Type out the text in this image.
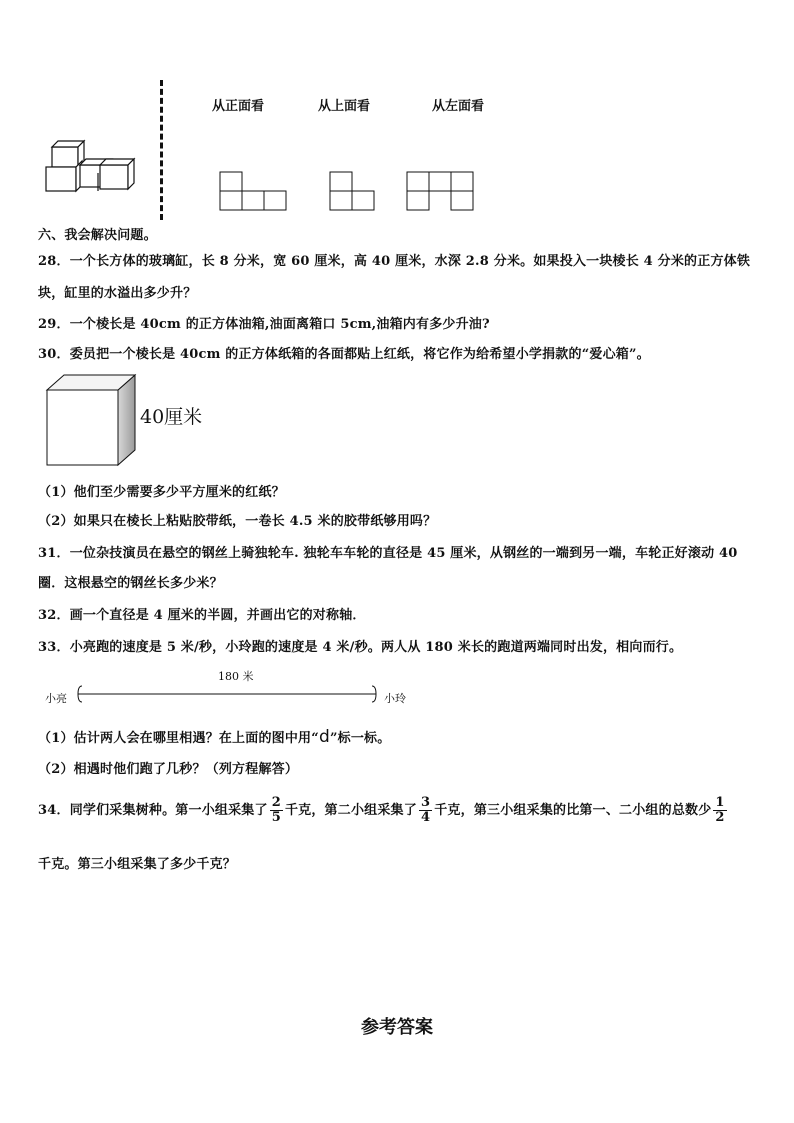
从正面看	从上面看	从左面看
六、我会解决问题。
28．一个长方体的玻璃缸，长 8 分米，宽 60 厘米，高 40 厘米，水深 2.8 分米。如果投入一块棱长 4 分米的正方体铁
块，缸里的水溢出多少升？
29．一个棱长是 40cm 的正方体油箱,油面离箱口 5cm,油箱内有多少升油?
30．委员把一个棱长是 40cm 的正方体纸箱的各面都贴上红纸，将它作为给希望小学捐款的“爱心箱”。
40厘米
（1）他们至少需要多少平方厘米的红纸？
（2）如果只在棱长上粘贴胶带纸，一卷长 4.5 米的胶带纸够用吗？
31．一位杂技演员在悬空的钢丝上骑独轮车. 独轮车车轮的直径是 45 厘米，从钢丝的一端到另一端，车轮正好滚动 40
圈．这根悬空的钢丝长多少米？
32．画一个直径是 4 厘米的半圆，并画出它的对称轴．
33．小亮跑的速度是 5 米/秒，小玲跑的速度是 4 米/秒。两人从 180 米长的跑道两端同时出发，相向而行。
180 米
小亮	小玲
（1）估计两人会在哪里相遇？在上面的图中用“d”标一标。
（2）相遇时他们跑了几秒？（列方程解答）
34．同学们采集树种。第一小组采集了 $\frac{2}{5}$ 千克，第二小组采集了 $\frac{3}{4}$ 千克，第三小组采集的比第一、二小组的总数少 $\frac{1}{2}$
千克。第三小组采集了多少千克？
参考答案
